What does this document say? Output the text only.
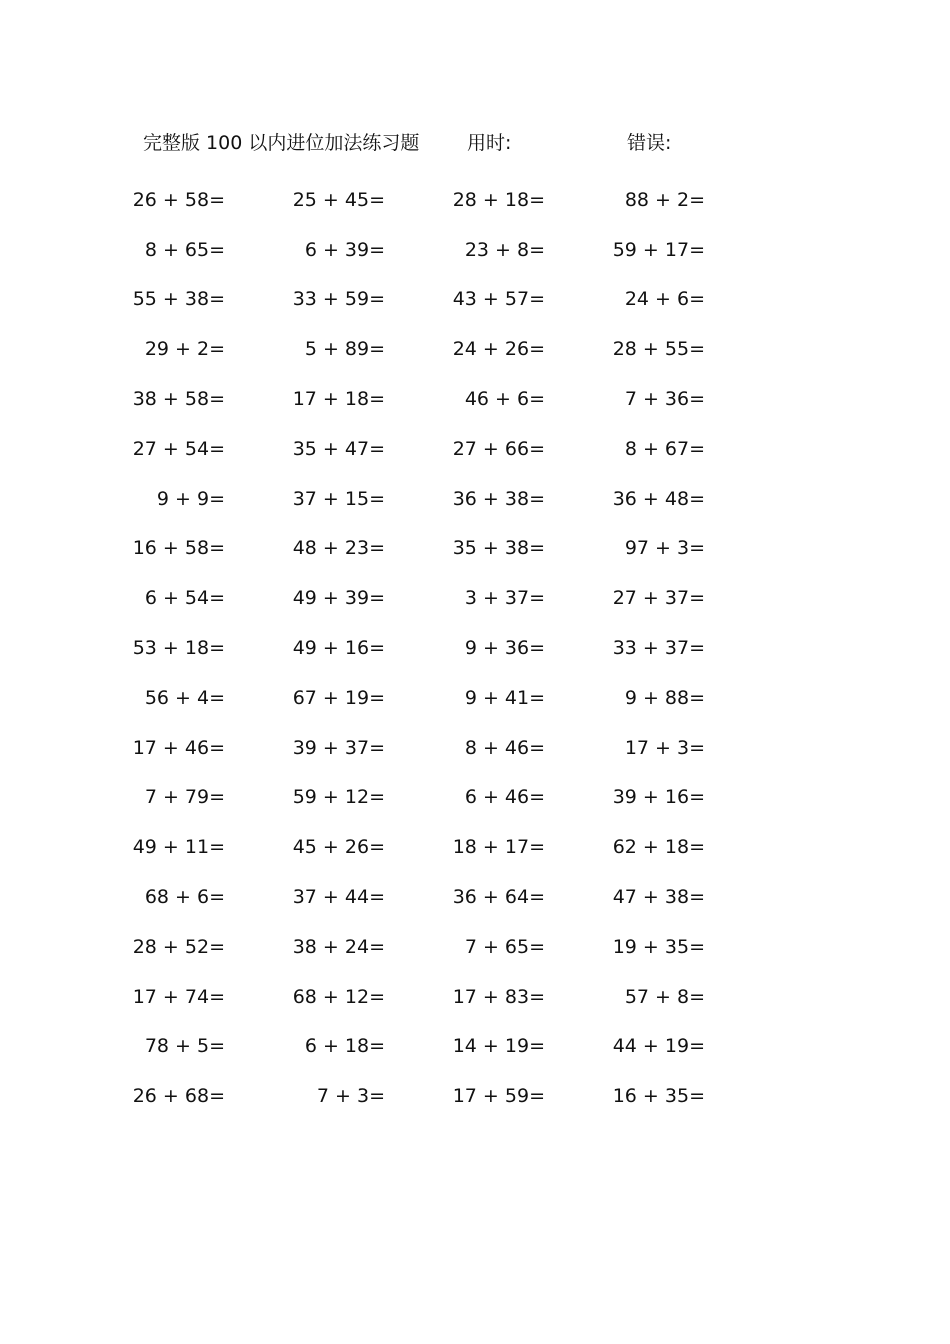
完整版 100 以内进位加法练习题	用时:	错误:
26 + 58=	25 + 45=	28 + 18=	88 + 2=
8 + 65=	6 + 39=	23 + 8=	59 + 17=
55 + 38=	33 + 59=	43 + 57=	24 + 6=
29 + 2=	5 + 89=	24 + 26=	28 + 55=
38 + 58=	17 + 18=	46 + 6=	7 + 36=
27 + 54=	35 + 47=	27 + 66=	8 + 67=
9 + 9=	37 + 15=	36 + 38=	36 + 48=
16 + 58=	48 + 23=	35 + 38=	97 + 3=
6 + 54=	49 + 39=	3 + 37=	27 + 37=
53 + 18=	49 + 16=	9 + 36=	33 + 37=
56 + 4=	67 + 19=	9 + 41=	9 + 88=
17 + 46=	39 + 37=	8 + 46=	17 + 3=
7 + 79=	59 + 12=	6 + 46=	39 + 16=
49 + 11=	45 + 26=	18 + 17=	62 + 18=
68 + 6=	37 + 44=	36 + 64=	47 + 38=
28 + 52=	38 + 24=	7 + 65=	19 + 35=
17 + 74=	68 + 12=	17 + 83=	57 + 8=
78 + 5=	6 + 18=	14 + 19=	44 + 19=
26 + 68=	7 + 3=	17 + 59=	16 + 35=
